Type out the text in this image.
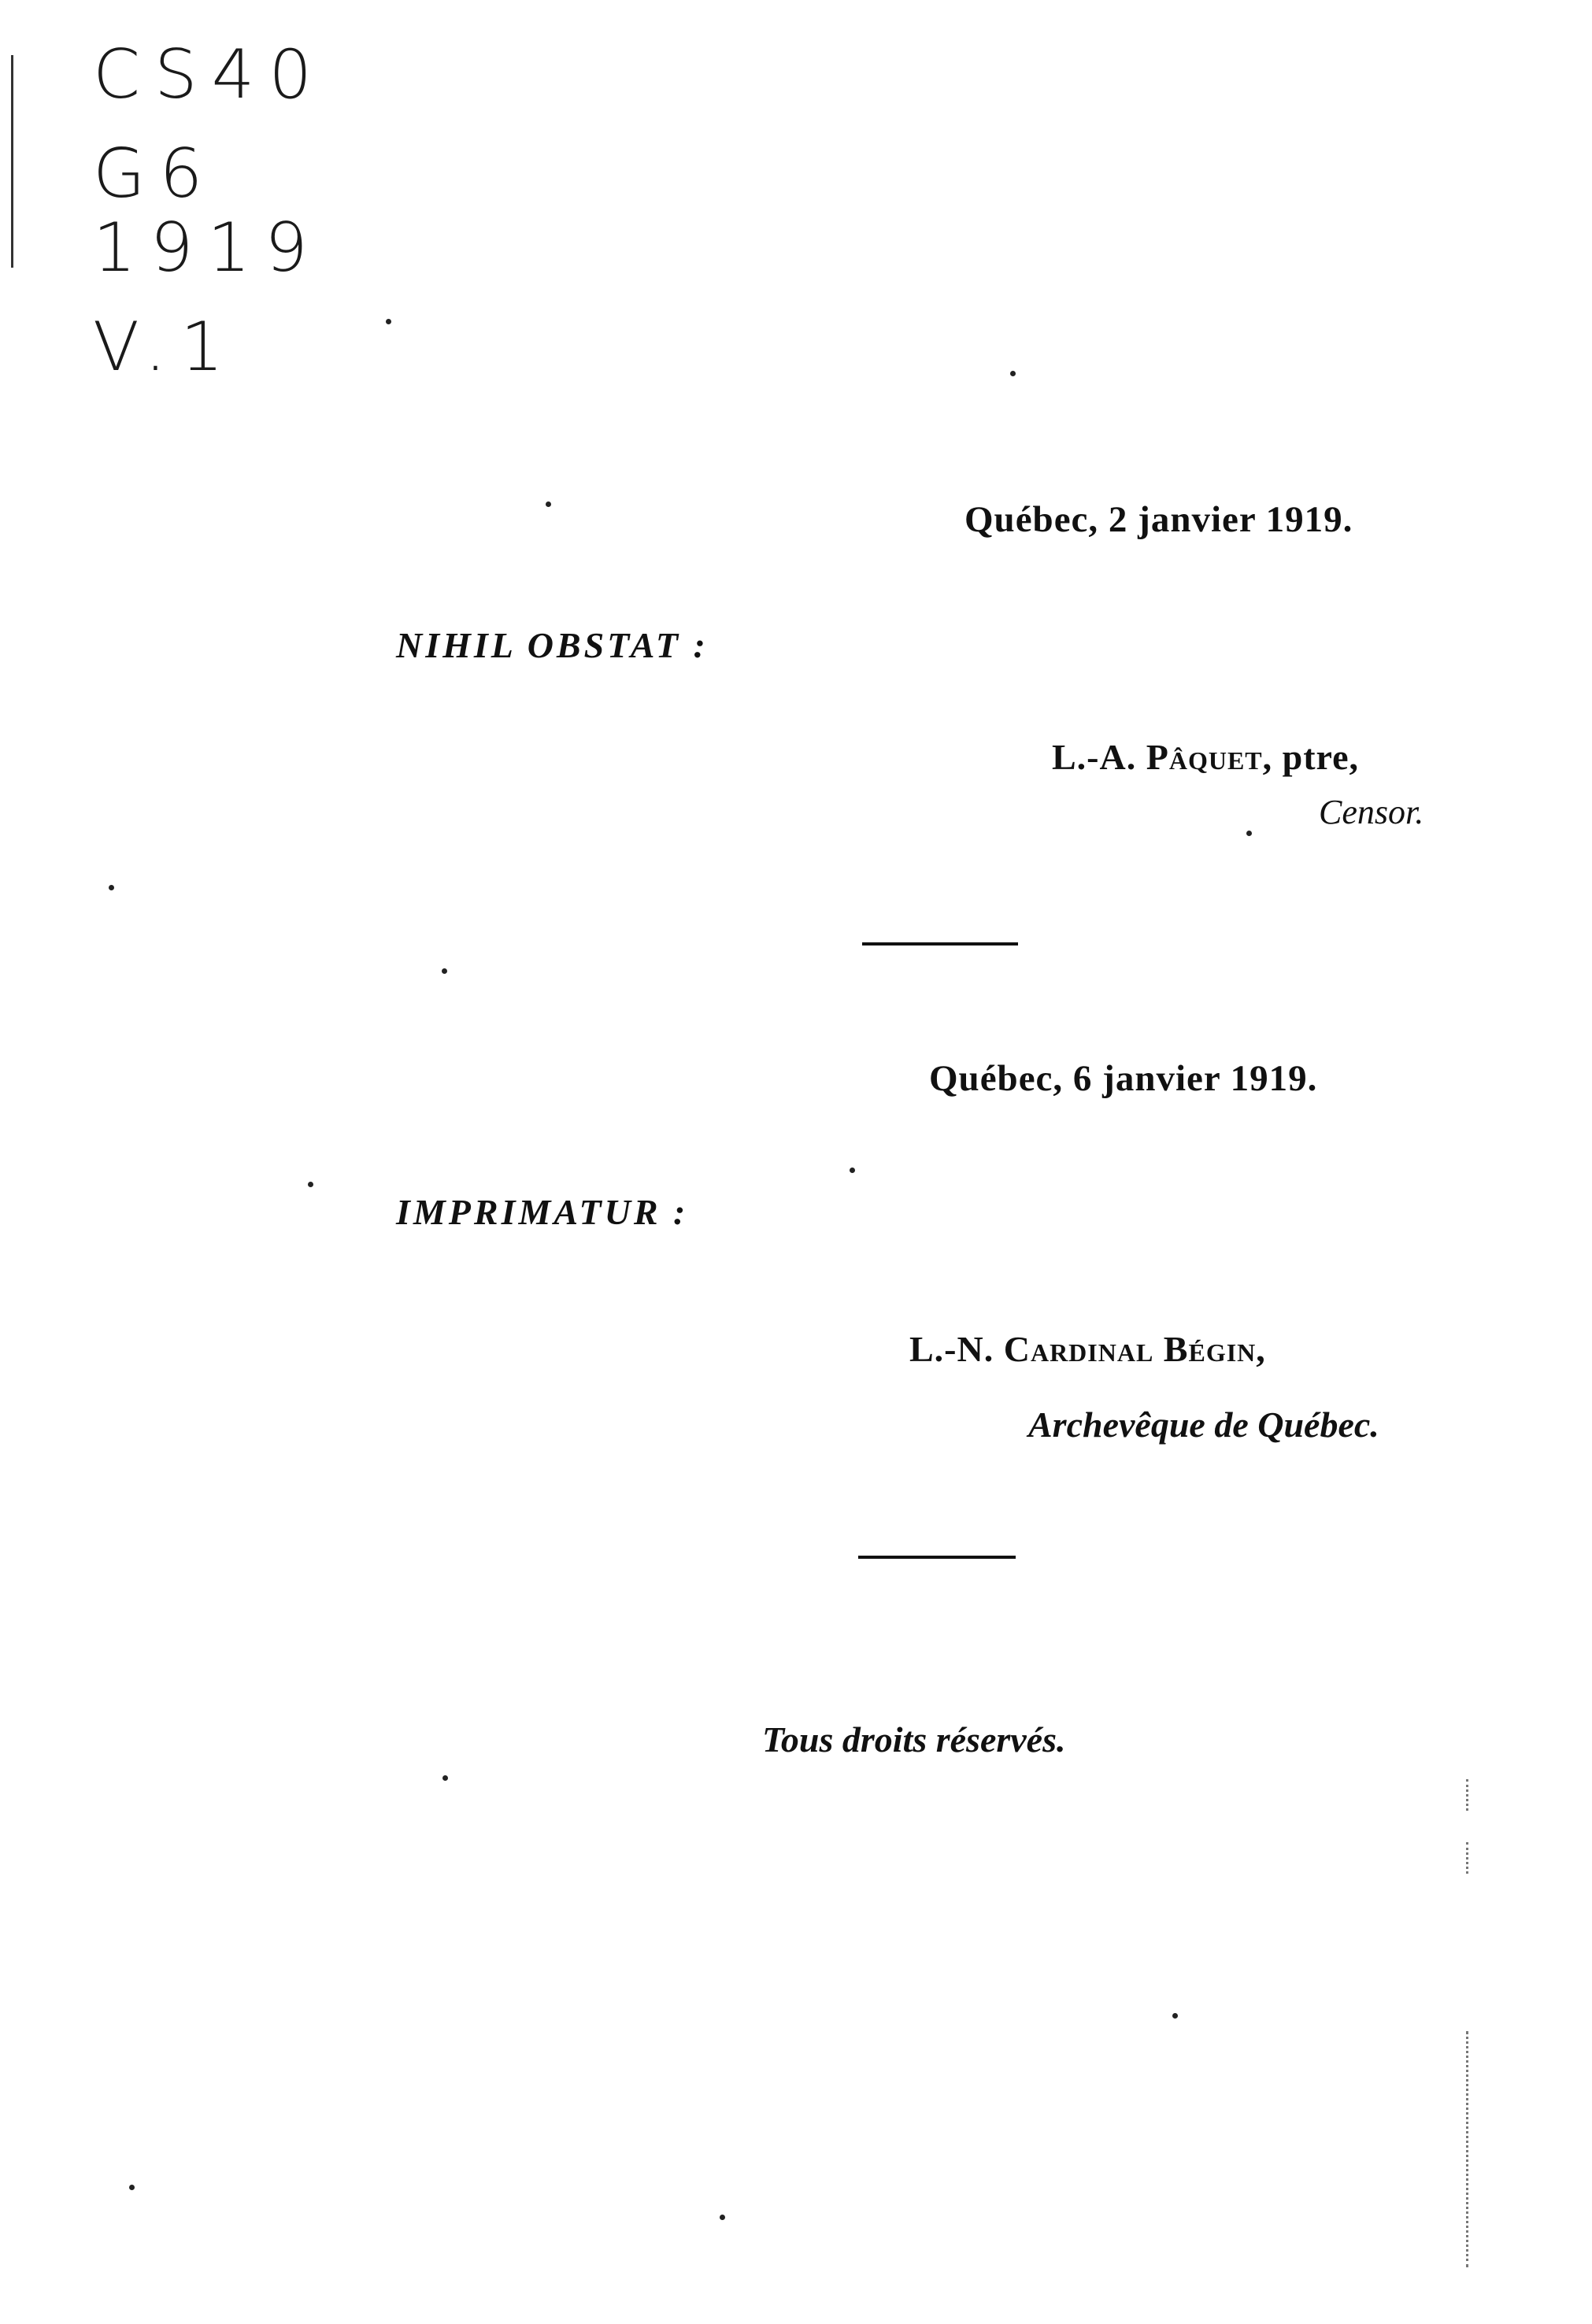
CS40
G6
1919
V.1
Québec, 2 janvier 1919.
NIHIL OBSTAT :
L.-A. Pâquet, ptre,
Censor.
Québec, 6 janvier 1919.
IMPRIMATUR :
L.-N. Cardinal Bégin,
Archevêque de Québec.
Tous droits réservés.
